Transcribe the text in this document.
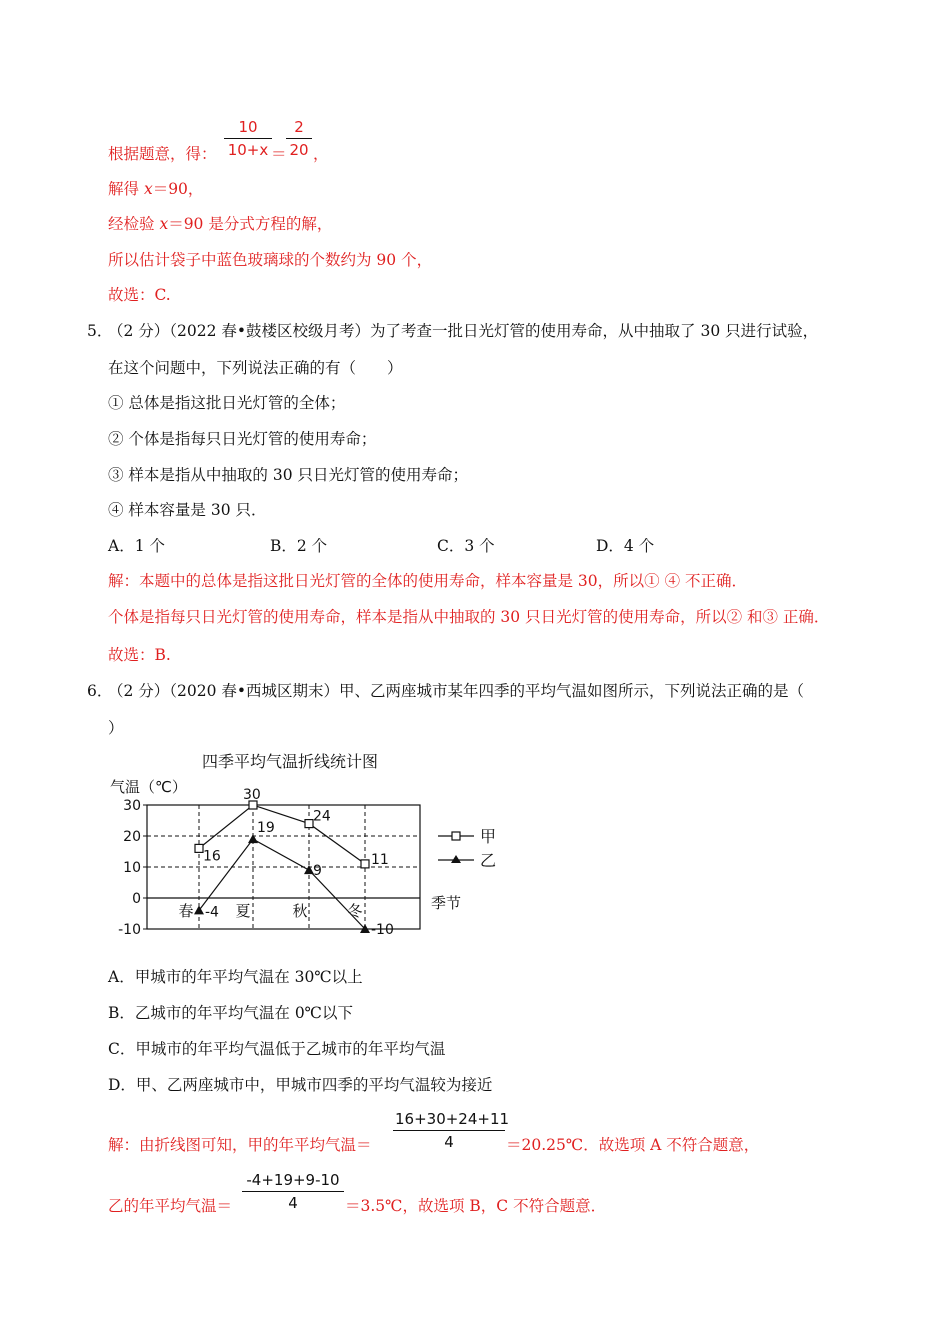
$\frac{10}{10+x} \frac{2}{20}$
根据题意，得：	＝ ，
解得 x＝90，
经检验 x＝90 是分式方程的解，
所以估计袋子中蓝色玻璃球的个数约为 90 个，
故选：C.
5．
（2 分）（2022 春•鼓楼区校级月考）为了考查一批日光灯管的使用寿命，从中抽取了 30 只进行试验，
在这个问题中，下列说法正确的有（　　）
① 总体是指这批日光灯管的全体；
② 个体是指每只日光灯管的使用寿命；
③ 样本是指从中抽取的 30 只日光灯管的使用寿命；
④ 样本容量是 30 只．
A．1 个	B．2 个	C．3 个	D．4 个
解：本题中的总体是指这批日光灯管的全体的使用寿命，样本容量是 30，所以① ④ 不正确．
个体是指每只日光灯管的使用寿命，样本是指从中抽取的 30 只日光灯管的使用寿命，所以② 和③ 正确．
故选：B.
6．
（2 分）（2020 春•西城区期末）甲、乙两座城市某年四季的平均气温如图所示，下列说法正确的是（
）
四季平均气温折线统计图
气温（℃）
30
20
10
0
-10
春	夏	秋	冬
16
30
24
11
-4
19
9
-10
甲
乙
季节
A．甲城市的年平均气温在 30℃以上
B．乙城市的年平均气温在 0℃以下
C．甲城市的年平均气温低于乙城市的年平均气温
D．甲、乙两座城市中，甲城市四季的平均气温较为接近
解：由折线图可知，甲的年平均气温＝ $\frac{16+30+24+11}{4}$ ＝20.25℃．故选项 A 不符合题意，
乙的年平均气温＝ $\frac{-4+19+9-10}{4}$ ＝3.5℃，故选项 B，C 不符合题意．
